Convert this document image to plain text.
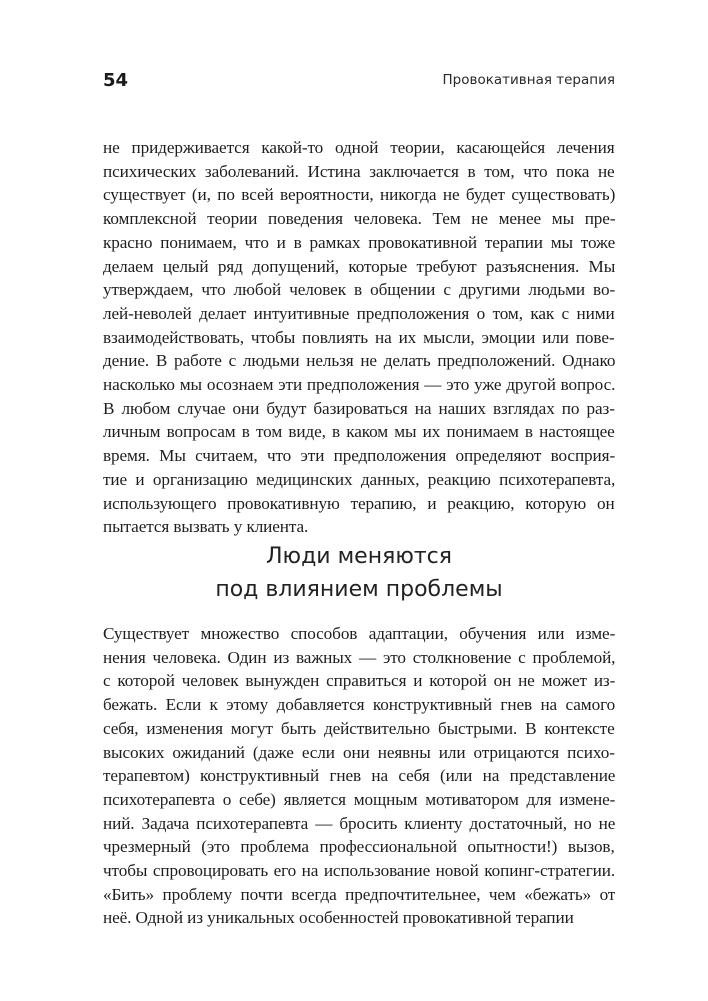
54	Провокативная терапия
не придерживается какой-то одной теории, касающейся лечения
психических заболеваний. Истина заключается в том, что пока не
существует (и, по всей вероятности, никогда не будет существовать)
комплексной теории поведения человека. Тем не менее мы пре-
красно понимаем, что и в рамках провокативной терапии мы тоже
делаем целый ряд допущений, которые требуют разъяснения. Мы
утверждаем, что любой человек в общении с другими людьми во-
лей-неволей делает интуитивные предположения о том, как с ними
взаимодействовать, чтобы повлиять на их мысли, эмоции или пове-
дение. В работе с людьми нельзя не делать предположений. Однако
насколько мы осознаем эти предположения — это уже другой вопрос.
В любом случае они будут базироваться на наших взглядах по раз-
личным вопросам в том виде, в каком мы их понимаем в настоящее
время. Мы считаем, что эти предположения определяют восприя-
тие и организацию медицинских данных, реакцию психотерапевта,
использующего провокативную терапию, и реакцию, которую он
пытается вызвать у клиента.
Люди меняются
под влиянием проблемы
Существует множество способов адаптации, обучения или изме-
нения человека. Один из важных — это столкновение с проблемой,
с которой человек вынужден справиться и которой он не может из-
бежать. Если к этому добавляется конструктивный гнев на самого
себя, изменения могут быть действительно быстрыми. В контексте
высоких ожиданий (даже если они неявны или отрицаются психо-
терапевтом) конструктивный гнев на себя (или на представление
психотерапевта о себе) является мощным мотиватором для измене-
ний. Задача психотерапевта — бросить клиенту достаточный, но не
чрезмерный (это проблема профессиональной опытности!) вызов,
чтобы спровоцировать его на использование новой копинг-стратегии.
«Бить» проблему почти всегда предпочтительнее, чем «бежать» от
неё. Одной из уникальных особенностей провокативной терапии
